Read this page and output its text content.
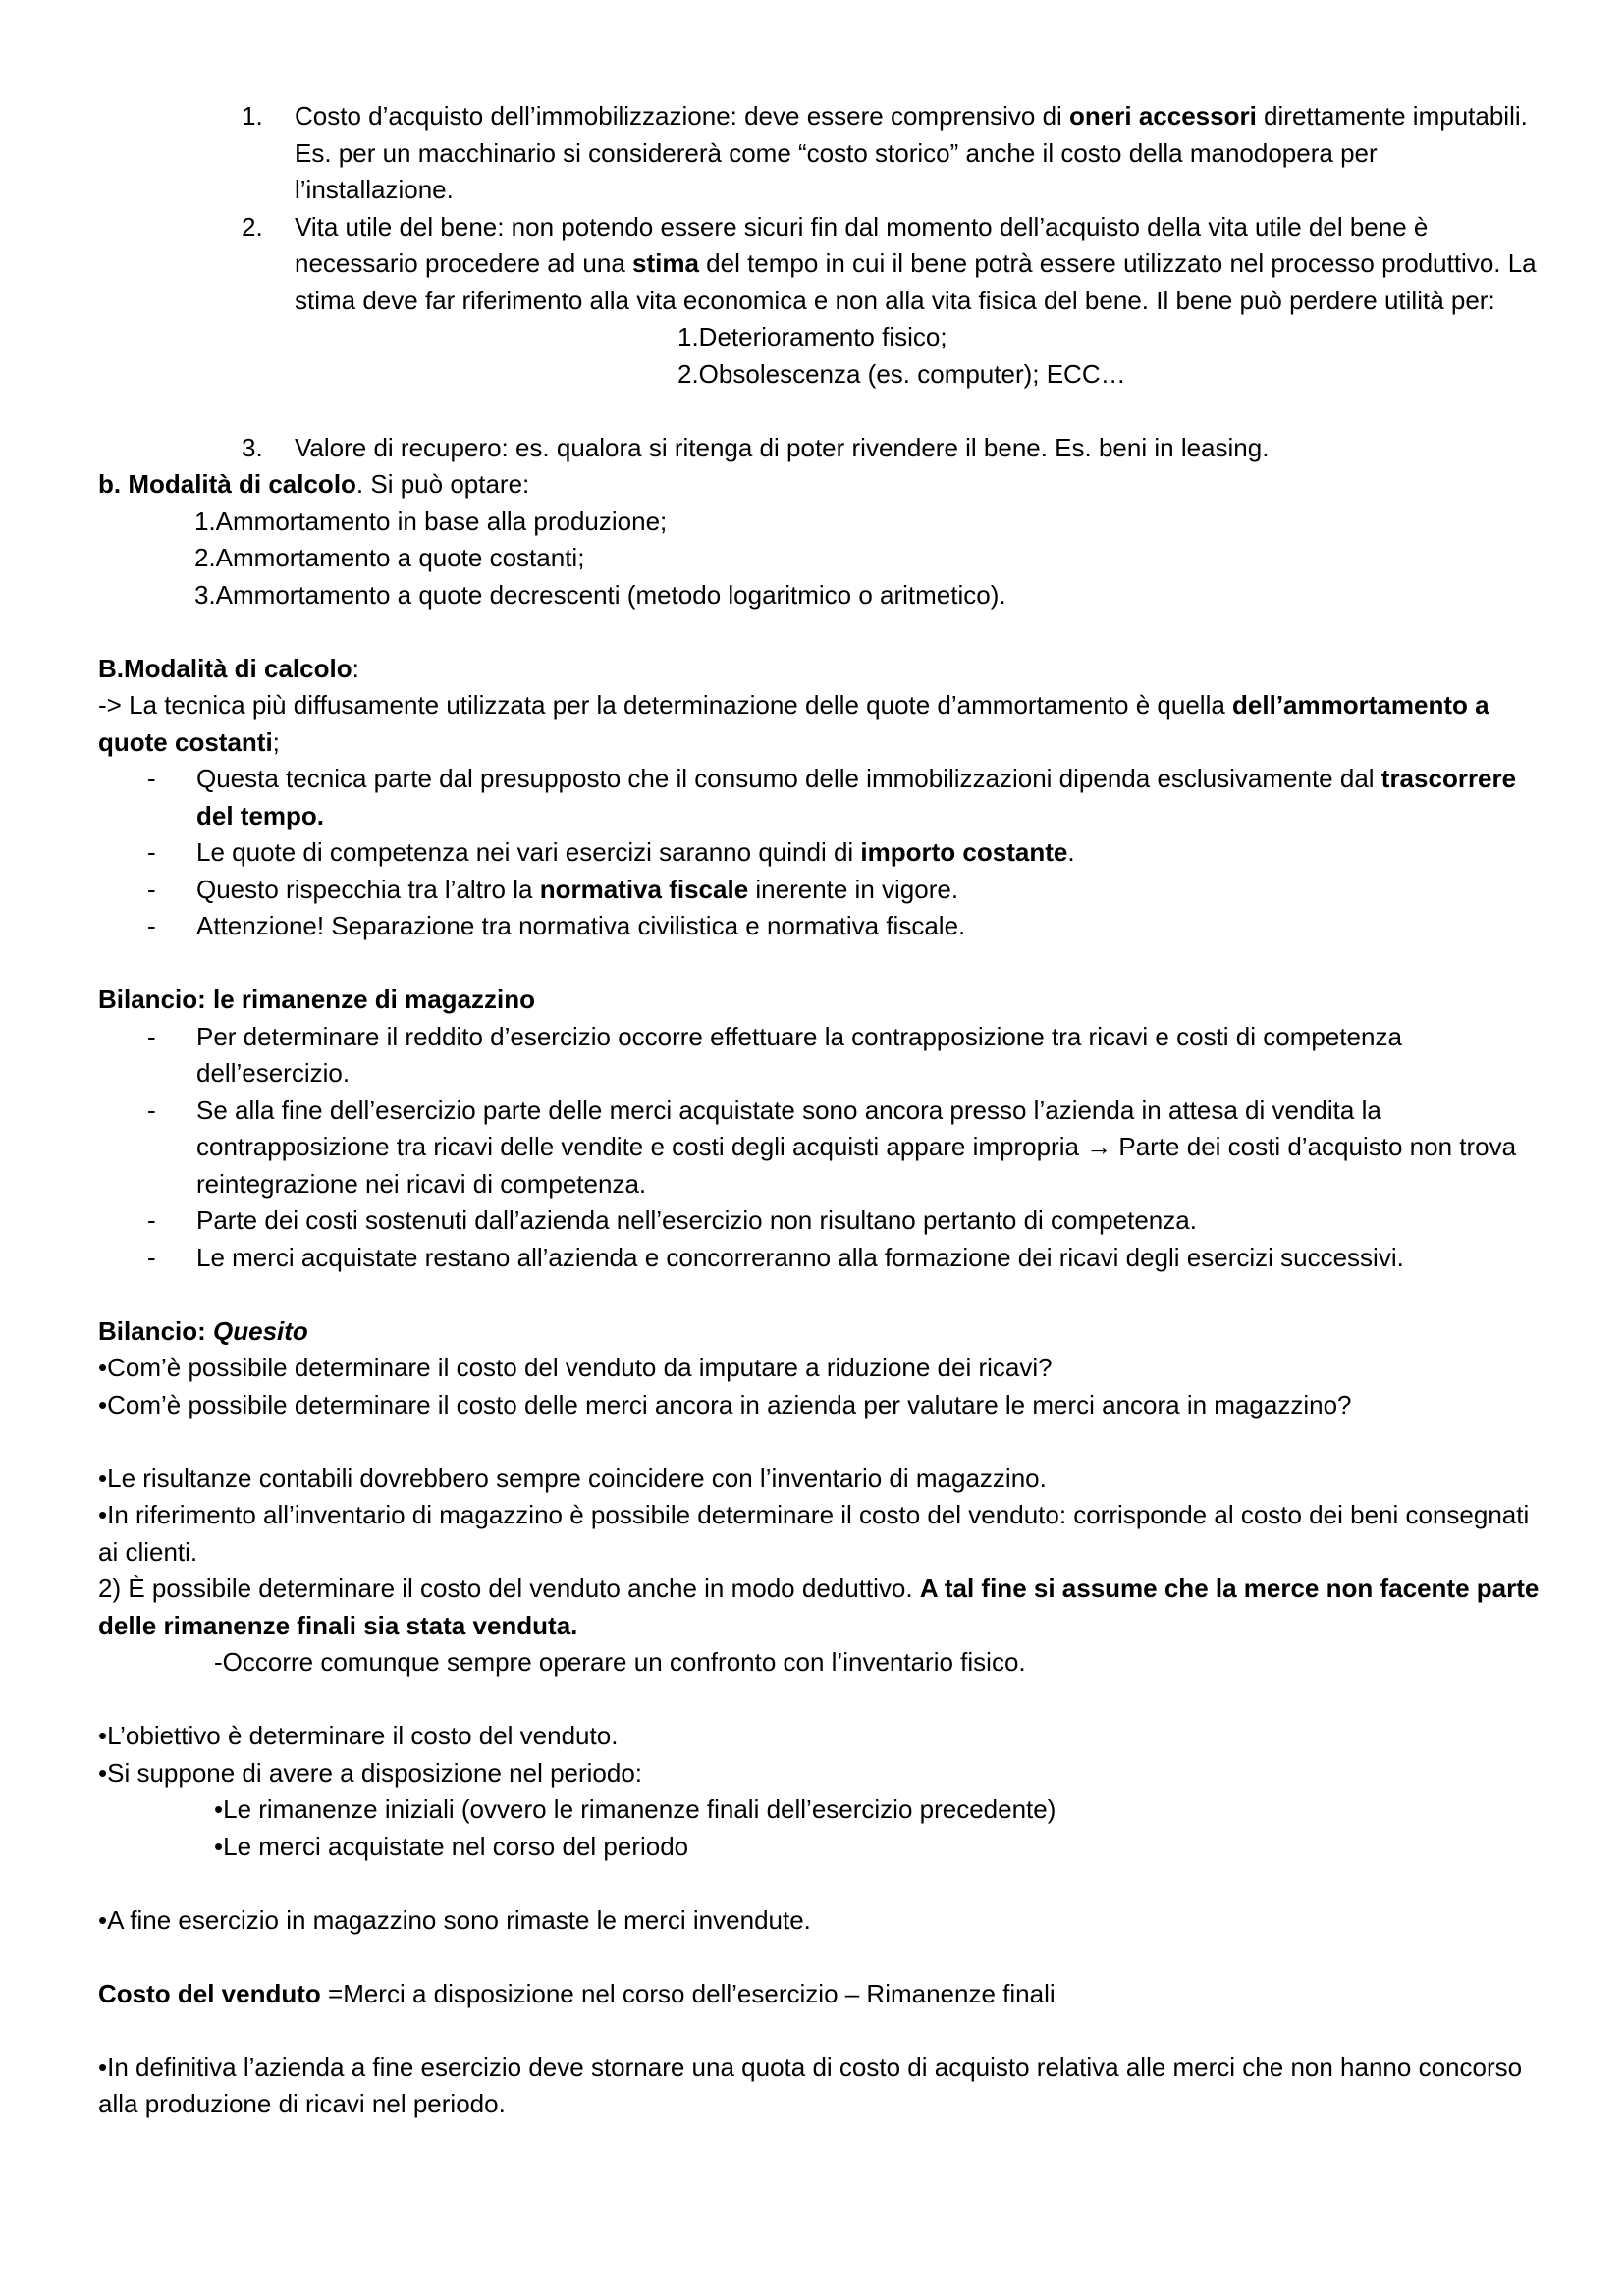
1.	Costo d’acquisto dell’immobilizzazione: deve essere comprensivo di oneri accessori direttamente imputabili. Es. per un macchinario si considererà come “costo storico” anche il costo della manodopera per l’installazione.
2.	Vita utile del bene: non potendo essere sicuri fin dal momento dell’acquisto della vita utile del bene è necessario procedere ad una stima del tempo in cui il bene potrà essere utilizzato nel processo produttivo. La stima deve far riferimento alla vita economica e non alla vita fisica del bene. Il bene può perdere utilità per:
1.Deterioramento fisico;
2.Obsolescenza (es. computer); ECC…
3.	Valore di recupero: es. qualora si ritenga di poter rivendere il bene. Es. beni in leasing.
b. Modalità di calcolo. Si può optare:
1.Ammortamento in base alla produzione;
2.Ammortamento a quote costanti;
3.Ammortamento a quote decrescenti (metodo logaritmico o aritmetico).
B.Modalità di calcolo:
-> La tecnica più diffusamente utilizzata per la determinazione delle quote d’ammortamento è quella dell’ammortamento a quote costanti;
- Questa tecnica parte dal presupposto che il consumo delle immobilizzazioni dipenda esclusivamente dal trascorrere del tempo.
- Le quote di competenza nei vari esercizi saranno quindi di importo costante.
- Questo rispecchia tra l’altro la normativa fiscale inerente in vigore.
- Attenzione! Separazione tra normativa civilistica e normativa fiscale.
Bilancio: le rimanenze di magazzino
- Per determinare il reddito d’esercizio occorre effettuare la contrapposizione tra ricavi e costi di competenza dell’esercizio.
- Se alla fine dell’esercizio parte delle merci acquistate sono ancora presso l’azienda in attesa di vendita la contrapposizione tra ricavi delle vendite e costi degli acquisti appare impropria → Parte dei costi d’acquisto non trova reintegrazione nei ricavi di competenza.
- Parte dei costi sostenuti dall’azienda nell’esercizio non risultano pertanto di competenza.
- Le merci acquistate restano all’azienda e concorreranno alla formazione dei ricavi degli esercizi successivi.
Bilancio: Quesito
•Com’è possibile determinare il costo del venduto da imputare a riduzione dei ricavi?
•Com’è possibile determinare il costo delle merci ancora in azienda per valutare le merci ancora in magazzino?
•Le risultanze contabili dovrebbero sempre coincidere con l’inventario di magazzino.
•In riferimento all’inventario di magazzino è possibile determinare il costo del venduto: corrisponde al costo dei beni consegnati ai clienti.
2) È possibile determinare il costo del venduto anche in modo deduttivo. A tal fine si assume che la merce non facente parte delle rimanenze finali sia stata venduta.
-Occorre comunque sempre operare un confronto con l’inventario fisico.
•L’obiettivo è determinare il costo del venduto.
•Si suppone di avere a disposizione nel periodo:
•Le rimanenze iniziali (ovvero le rimanenze finali dell’esercizio precedente)
•Le merci acquistate nel corso del periodo
•A fine esercizio in magazzino sono rimaste le merci invendute.
Costo del venduto =Merci a disposizione nel corso dell’esercizio – Rimanenze finali
•In definitiva l’azienda a fine esercizio deve stornare una quota di costo di acquisto relativa alle merci che non hanno concorso alla produzione di ricavi nel periodo.
